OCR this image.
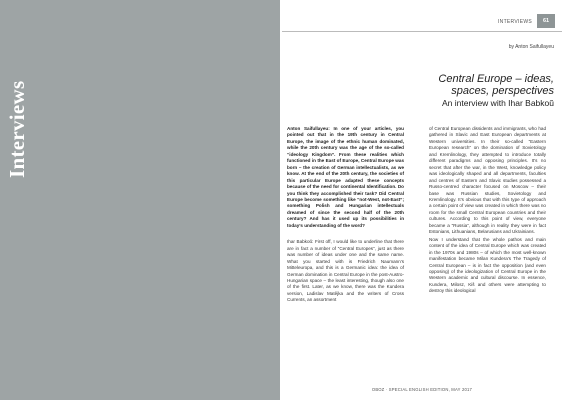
Interviews
INTERVIEWS	61
by Anton Saifullayeu
Central Europe – ideas,
spaces, perspectives
An interview with Ihar Babkoŭ

Anton Saifullayeu: In one of your articles, you pointed out that in the 19th century in Central Europe, the image of the ethnic human dominated, while the 20th century was the age of the so-called “ideology Kingdom”. From these realities which functioned in the East of Europe, Central Europe was born – the creation of German intellectualists, as we know. At the end of the 20th century, the societies of this particular Europe adapted these concepts because of the need for continental Identification. Do you think they accomplished their task? Did Central Europe become something like “not-West, not-East”; something Polish and Hungarian intellectuals dreamed of since the second half of the 20th century? And has it used up its possibilities in today’s understanding of the word?

Ihar Babkoŭ: First off, I would like to underline that there are in fact a number of “Central Europes”, just as there was number of ideas under one and the same name. What you started with is Friedrich Naumann’s Mitteleuropa, and this is a Germanic idea: the idea of German domination in Central Europe in the post-Austro-Hungarian space – the least interesting, though also one of the first. Later, as we know, there was the Kundera version, Ladislav Matějka and the writers of Cross Currents, an assortment

of Central European dissidents and immigrants, who had gathered in Slavic and East European departments at Western universities. In their so-called “Eastern European research” on the domination of Sovietology and Kremlinology, they attempted to introduce totally different paradigms and opposing principles. It’s no secret that after the war, in the West, knowledge policy was ideologically shaped and all departments, faculties and centres of Eastern and Slavic studies possessed a Russo-centred character focused on Moscow – their base was Russian studies, Sovietology and Kremlinology. It’s obvious that with this type of approach a certain point of view was created in which there was no room for the small Central European countries and their cultures. According to this point of view, everyone became a “Russia”, although in reality they were in fact Estonians, Lithuanians, Belarusians and Ukrainians.

Now I understand that the whole pathos and main content of the idea of Central Europe which was created in the 1970s and 1980s – of which the most well-known manifestation became Milan Kundera’s The Tragedy of Central European – is in fact the opposition (and even opposing) of the ideologization of Central Europe in the Western academic and cultural discourse. In essence, Kundera, Milosz, Kiš and others were attempting to destroy this ideological

ОВОZ · SPECIAL ENGLISH EDITION, MAY 2017
